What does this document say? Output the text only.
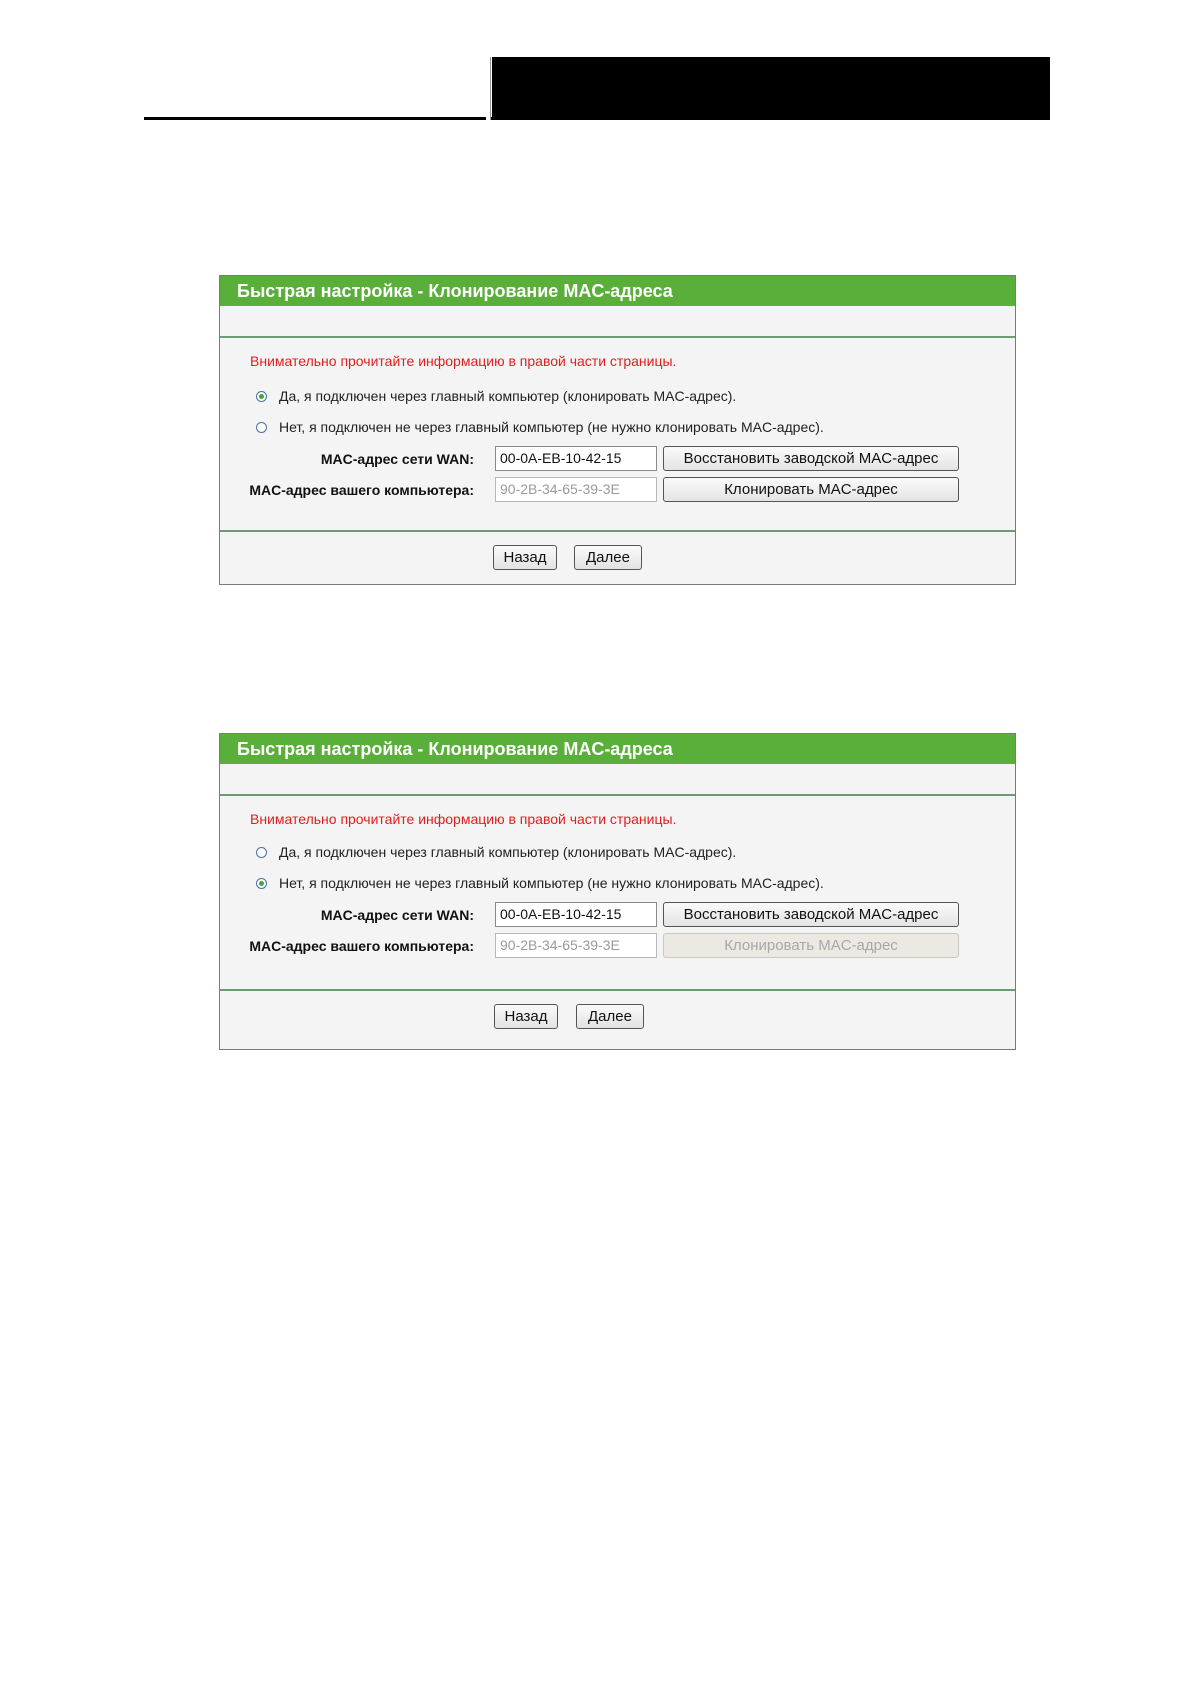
Быстрая настройка - Клонирование MAC-адреса
Внимательно прочитайте информацию в правой части страницы.
Да, я подключен через главный компьютер (клонировать MAC-адрес).
Нет, я подключен не через главный компьютер (не нужно клонировать MAC-адрес).
MAC-адрес сети WAN:	00-0A-EB-10-42-15	Восстановить заводской MAC-адрес
MAC-адрес вашего компьютера:	90-2B-34-65-39-3E	Клонировать MAC-адрес
Назад	Далее
Быстрая настройка - Клонирование MAC-адреса
Внимательно прочитайте информацию в правой части страницы.
Да, я подключен через главный компьютер (клонировать MAC-адрес).
Нет, я подключен не через главный компьютер (не нужно клонировать MAC-адрес).
MAC-адрес сети WAN:	00-0A-EB-10-42-15	Восстановить заводской MAC-адрес
MAC-адрес вашего компьютера:	90-2B-34-65-39-3E	Клонировать MAC-адрес
Назад	Далее
